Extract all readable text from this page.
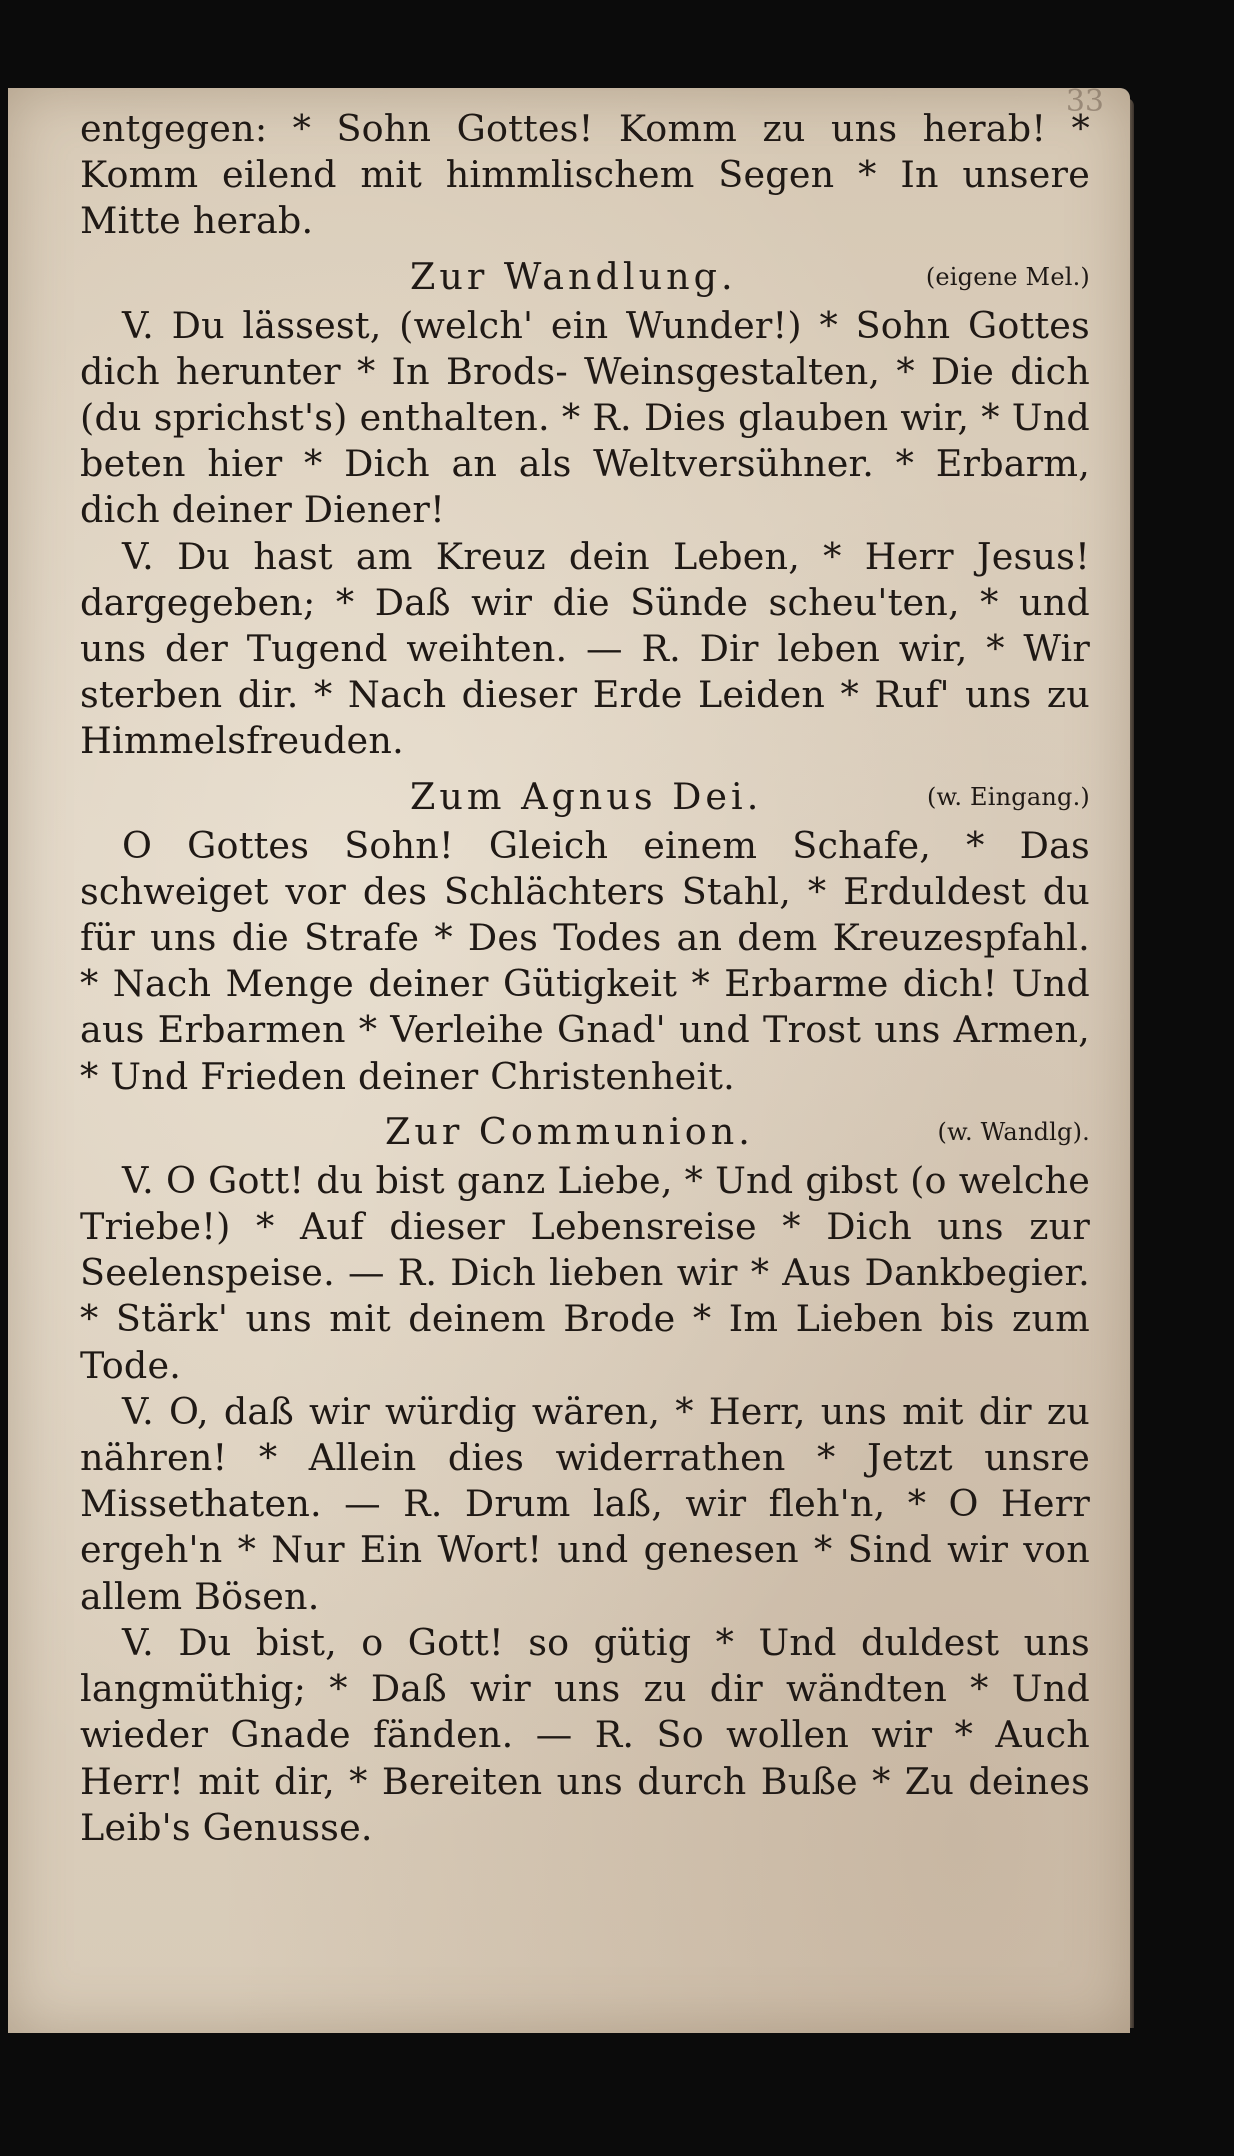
33

entgegen: * Sohn Gottes! Komm zu uns herab! * Komm eilend mit himmlischem Segen * In unsere Mitte herab.

Zur Wandlung.	(eigene Mel.)

V. Du lässest, (welch' ein Wunder!) * Sohn Gottes dich herunter * In Brods- Weinsgestalten, * Die dich (du sprichst's) enthalten. * R. Dies glauben wir, * Und beten hier * Dich an als Weltversühner. * Erbarm, dich deiner Diener!

V. Du hast am Kreuz dein Leben, * Herr Jesus! dargegeben; * Daß wir die Sünde scheu'ten, * und uns der Tugend weihten. — R. Dir leben wir, * Wir sterben dir. * Nach dieser Erde Leiden * Ruf' uns zu Himmelsfreuden.

Zum Agnus Dei.	(w. Eingang.)

O Gottes Sohn! Gleich einem Schafe, * Das schweiget vor des Schlächters Stahl, * Erduldest du für uns die Strafe * Des Todes an dem Kreuzespfahl. * Nach Menge deiner Gütigkeit * Erbarme dich! Und aus Erbarmen * Verleihe Gnad' und Trost uns Armen, * Und Frieden deiner Christenheit.

Zur Communion.	(w. Wandlg).

V. O Gott! du bist ganz Liebe, * Und gibst (o welche Triebe!) * Auf dieser Lebensreise * Dich uns zur Seelenspeise. — R. Dich lieben wir * Aus Dankbegier. * Stärk' uns mit deinem Brode * Im Lieben bis zum Tode.

V. O, daß wir würdig wären, * Herr, uns mit dir zu nähren! * Allein dies widerrathen * Jetzt unsre Missethaten. — R. Drum laß, wir fleh'n, * O Herr ergeh'n * Nur Ein Wort! und genesen * Sind wir von allem Bösen.

V. Du bist, o Gott! so gütig * Und duldest uns langmüthig; * Daß wir uns zu dir wändten * Und wieder Gnade fänden. — R. So wollen wir * Auch Herr! mit dir, * Bereiten uns durch Buße * Zu deines Leib's Genusse.
